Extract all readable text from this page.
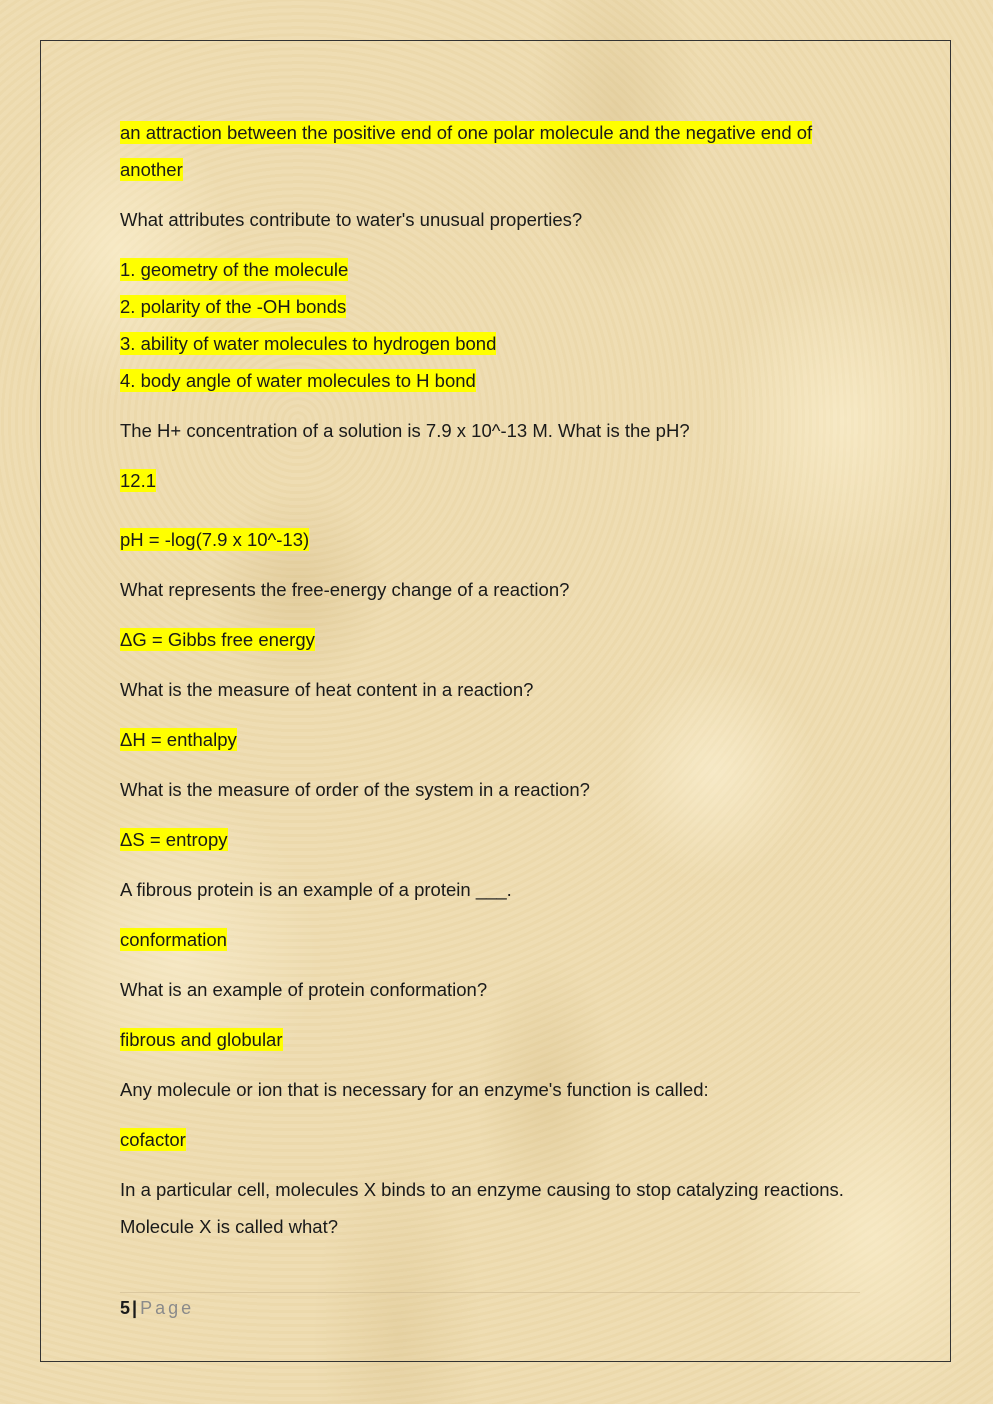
an attraction between the positive end of one polar molecule and the negative end of another

What attributes contribute to water's unusual properties?

1. geometry of the molecule

2. polarity of the -OH bonds

3. ability of water molecules to hydrogen bond

4. body angle of water molecules to H bond

The H+ concentration of a solution is 7.9 x 10^-13 M. What is the pH?

12.1

pH = -log(7.9 x 10^-13)

What represents the free-energy change of a reaction?

ΔG = Gibbs free energy

What is the measure of heat content in a reaction?

ΔH = enthalpy

What is the measure of order of the system in a reaction?

ΔS = entropy

A fibrous protein is an example of a protein ___.

conformation

What is an example of protein conformation?

fibrous and globular

Any molecule or ion that is necessary for an enzyme's function is called:

cofactor

In a particular cell, molecules X binds to an enzyme causing to stop catalyzing reactions. Molecule X is called what?

5 | Page
